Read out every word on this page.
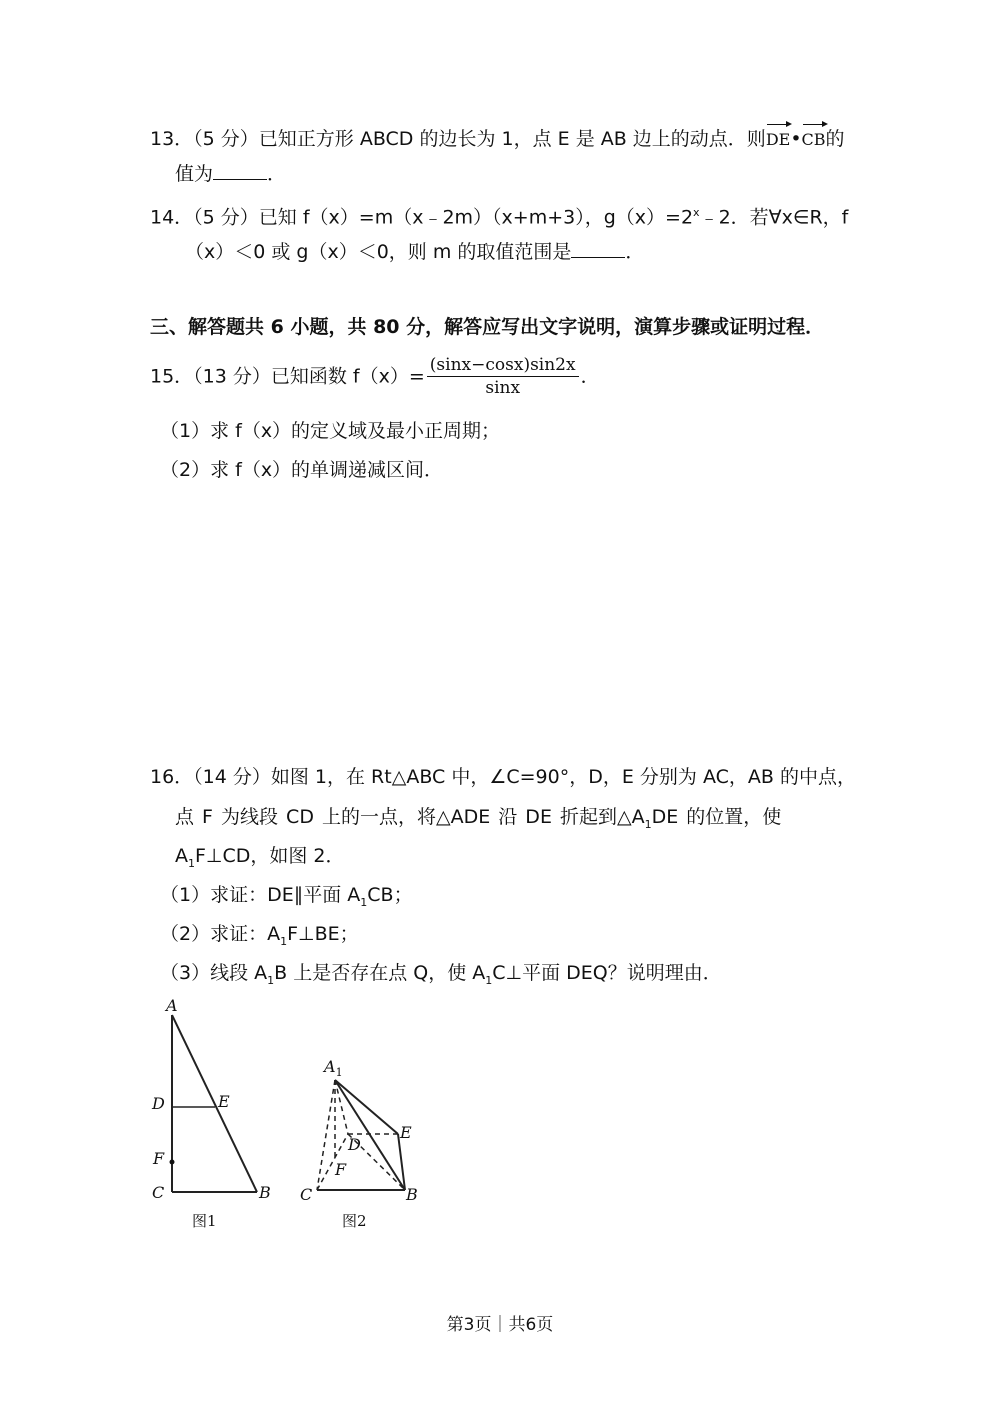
13．（5 分）已知正方形 ABCD 的边长为 1，点 E 是 AB 边上的动点．则DE•CB的
值为	．
14．（5 分）已知 f（x）=m（x﹣2m）（x+m+3），$g(x)=2^x﹣2$．若∀x∈R，f
（x）＜0 或 g（x）＜0，则 m 的取值范围是	．
三、解答题共 6 小题，共 80 分，解答应写出文字说明，演算步骤或证明过程．
15．（13 分）已知函数 $f(x)= \frac{(\sin x-\cos x)\sin 2x}{\sin x}$ ．
（1）求 f（x）的定义域及最小正周期；
（2）求 f（x）的单调递减区间．
16．（14 分）如图 1，在 Rt△ABC 中，∠C=90°，D，E 分别为 AC，AB 的中点，
点 F 为线段 CD 上的一点，将△ADE 沿 DE 折起到$\triangle A_1DE$ 的位置，使
$A_1F\perp CD$，如图 2．
（1）求证：DE∥平面 $A_1CB$；
（2）求证：$A_1F\perp BE$；
（3）线段 $A_1B$ 上是否存在点 Q，使 $A_1C\perp$平面 DEQ？说明理由．
A
D	E
F
C	B
图1
$A_1$
D
E
F
C	B
图2
第3页｜共6页
